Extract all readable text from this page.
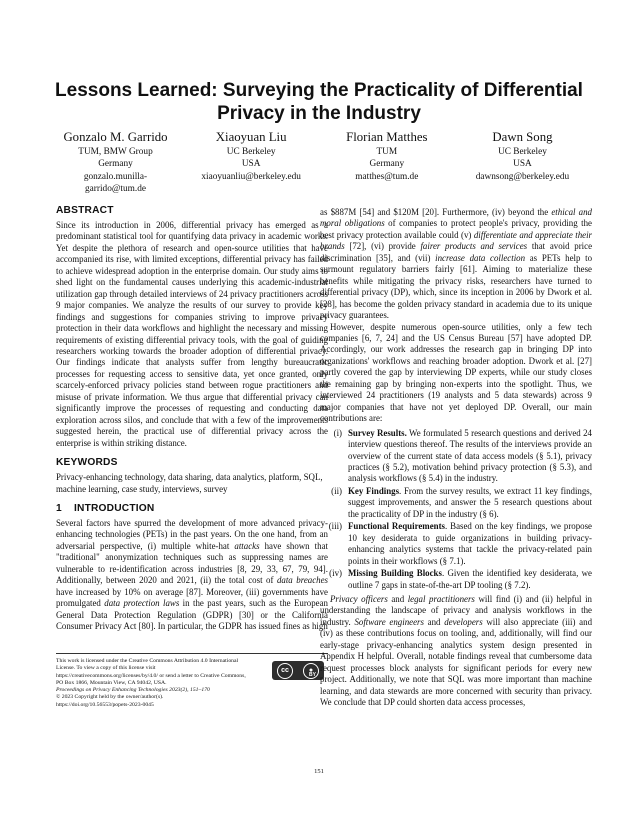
Lessons Learned: Surveying the Practicality of Differential Privacy in the Industry
Gonzalo M. Garrido
TUM, BMW Group
Germany
gonzalo.munilla-
garrido@tum.de
Xiaoyuan Liu
UC Berkeley
USA
xiaoyuanliu@berkeley.edu
Florian Matthes
TUM
Germany
matthes@tum.de
Dawn Song
UC Berkeley
USA
dawnsong@berkeley.edu
ABSTRACT

Since its introduction in 2006, differential privacy has emerged as a predominant statistical tool for quantifying data privacy in academic works. Yet despite the plethora of research and open-source utilities that have accompanied its rise, with limited exceptions, differential privacy has failed to achieve widespread adoption in the enterprise domain. Our study aims to shed light on the fundamental causes underlying this academic-industrial utilization gap through detailed interviews of 24 privacy practitioners across 9 major companies. We analyze the results of our survey to provide key findings and suggestions for companies striving to improve privacy protection in their data workflows and highlight the necessary and missing requirements of existing differential privacy tools, with the goal of guiding researchers working towards the broader adoption of differential privacy. Our findings indicate that analysts suffer from lengthy bureaucratic processes for requesting access to sensitive data, yet once granted, only scarcely-enforced privacy policies stand between rogue practitioners and misuse of private information. We thus argue that differential privacy can significantly improve the processes of requesting and conducting data exploration across silos, and conclude that with a few of the improvements suggested herein, the practical use of differential privacy across the enterprise is within striking distance.

KEYWORDS

Privacy-enhancing technology, data sharing, data analytics, platform, SQL, machine learning, case study, interviews, survey

1    INTRODUCTION

Several factors have spurred the development of more advanced privacy-enhancing technologies (PETs) in the past years. On the one hand, from an adversarial perspective, (i) multiple white-hat attacks have shown that "traditional" anonymization techniques such as suppressing names are vulnerable to re-identification across industries [8, 29, 33, 67, 79, 94]. Additionally, between 2020 and 2021, (ii) the total cost of data breaches have increased by 10% on average [87]. Moreover, (iii) governments have promulgated data protection laws in the past years, such as the European General Data Protection Regulation (GDPR) [30] or the California Consumer Privacy Act [80]. In particular, the GDPR has issued fines as high

This work is licensed under the Creative Commons Attribution 4.0 International License. To view a copy of this license visit https://creativecommons.org/licenses/by/4.0/ or send a letter to Creative Commons, PO Box 1866, Mountain View, CA 94042, USA.
Proceedings on Privacy Enhancing Technologies 2023(2), 151–170
© 2023 Copyright held by the owner/author(s).
https://doi.org/10.56553/popets-2023-0045
cc	●
BY

as $887M [54] and $120M [20]. Furthermore, (iv) beyond the ethical and moral obligations of companies to protect people's privacy, providing the best privacy protection available could (v) differentiate and appreciate their brands [72], (vi) provide fairer products and services that avoid price discrimination [35], and (vii) increase data collection as PETs help to surmount regulatory barriers fairly [61]. Aiming to materialize these benefits while mitigating the privacy risks, researchers have turned to differential privacy (DP), which, since its inception in 2006 by Dwork et al. [28], has become the golden privacy standard in academia due to its unique privacy guarantees.

However, despite numerous open-source utilities, only a few tech companies [6, 7, 24] and the US Census Bureau [57] have adopted DP. Accordingly, our work addresses the research gap in bringing DP into organizations' workflows and reaching broader adoption. Dwork et al. [27] partly covered the gap by interviewing DP experts, while our study closes the remaining gap by bringing non-experts into the spotlight. Thus, we interviewed 24 practitioners (19 analysts and 5 data stewards) across 9 major companies that have not yet deployed DP. Overall, our main contributions are:

(i) Survey Results. We formulated 5 research questions and derived 24 interview questions thereof. The results of the interviews provide an overview of the current state of data access models (§ 5.1), privacy practices (§ 5.2), motivation behind privacy protection (§ 5.3), and analysis workflows (§ 5.4) in the industry.
(ii) Key Findings. From the survey results, we extract 11 key findings, suggest improvements, and answer the 5 research questions about the practicality of DP in the industry (§ 6).
(iii) Functional Requirements. Based on the key findings, we propose 10 key desiderata to guide organizations in building privacy-enhancing analytics systems that tackle the privacy-related pain points in their workflows (§ 7.1).
(iv) Missing Building Blocks. Given the identified key desiderata, we outline 7 gaps in state-of-the-art DP tooling (§ 7.2).

Privacy officers and legal practitioners will find (i) and (ii) helpful in understanding the landscape of privacy and analysis workflows in the industry. Software engineers and developers will also appreciate (iii) and (iv) as these contributions focus on tooling, and, additionally, will find our early-stage privacy-enhancing analytics system design presented in Appendix H helpful. Overall, notable findings reveal that cumbersome data request processes block analysts for significant periods for every new project. Additionally, we note that SQL was more important than machine learning, and data stewards are more concerned with security than privacy. We conclude that DP could shorten data access processes,

151
